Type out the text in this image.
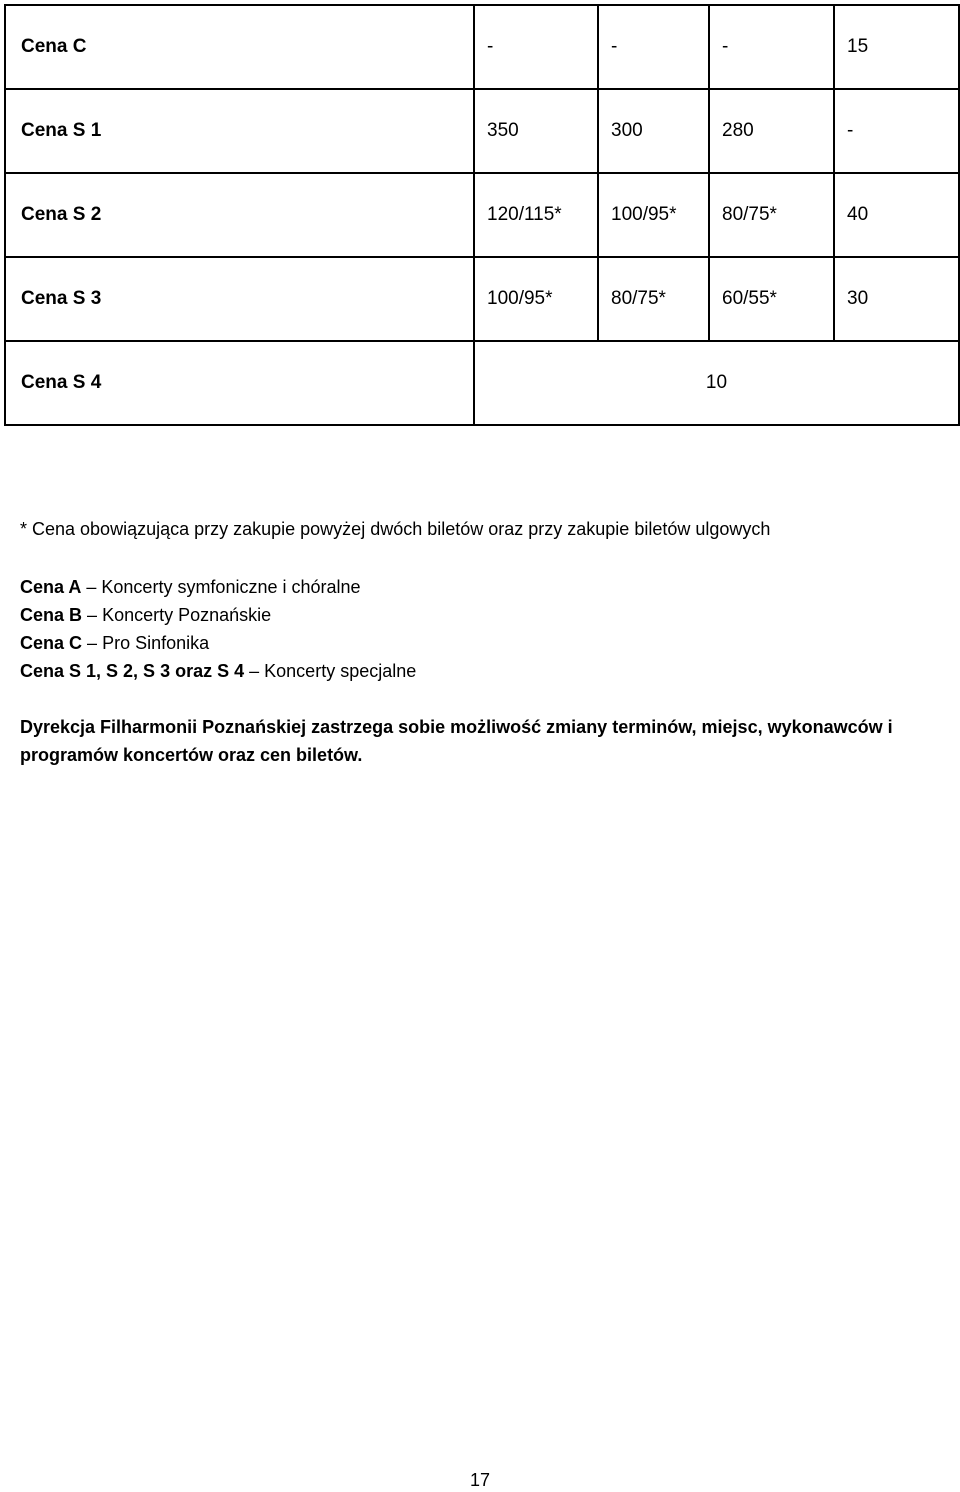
Cena C	-	-	-	15
Cena S 1	350	300	280	-
Cena S 2	120/115*	100/95*	80/75*	40
Cena S 3	100/95*	80/75*	60/55*	30
Cena S 4	10			
* Cena obowiązująca przy zakupie powyżej dwóch biletów oraz przy zakupie biletów ulgowych
Cena A – Koncerty symfoniczne i chóralne
Cena B – Koncerty Poznańskie
Cena C – Pro Sinfonika
Cena S 1, S 2, S 3 oraz S 4 – Koncerty specjalne
Dyrekcja Filharmonii Poznańskiej zastrzega sobie możliwość zmiany terminów, miejsc, wykonawców i programów koncertów oraz cen biletów.
17
